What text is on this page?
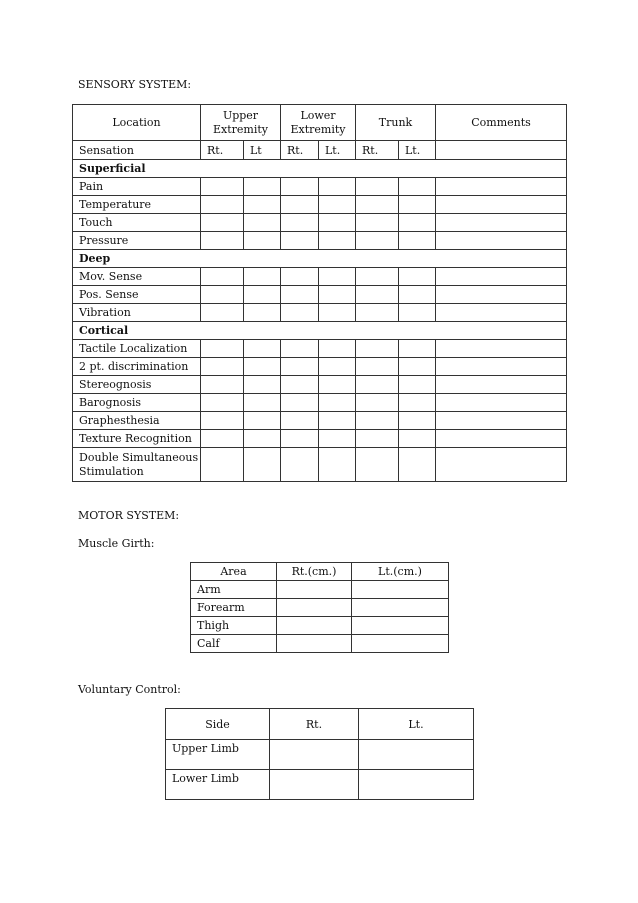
SENSORY SYSTEM:
Location	Upper Extremity		Lower Extremity		Trunk		Comments
Sensation	Rt.	Lt	Rt.	Lt.	Rt.	Lt.	
Superficial							
Pain							
Temperature							
Touch							
Pressure							
Deep							
Mov. Sense							
Pos. Sense							
Vibration							
Cortical							
Tactile Localization							
2 pt. discrimination							
Stereognosis							
Barognosis							
Graphesthesia							
Texture Recognition							
Double Simultaneous Stimulation							
MOTOR SYSTEM:
Muscle Girth:
Area	Rt.(cm.)	Lt.(cm.)
Arm		
Forearm		
Thigh		
Calf		
Voluntary Control:
Side	Rt.	Lt.
Upper Limb		
Lower Limb		
